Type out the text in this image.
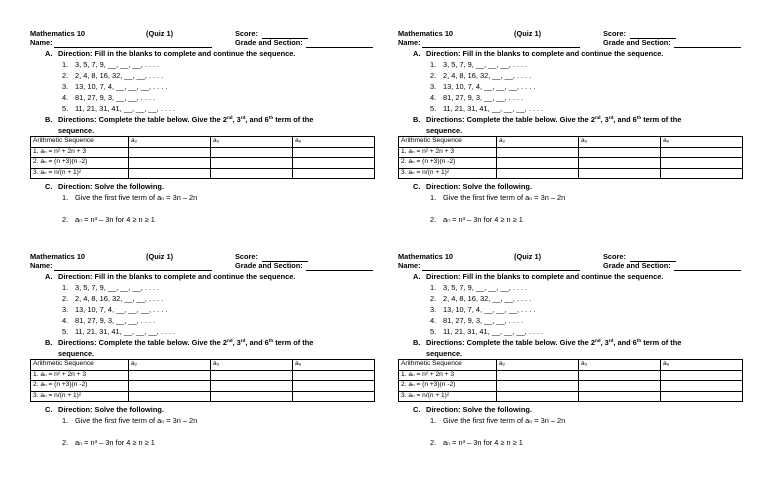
Mathematics 10	(Quiz 1)	Score:
Name:	Grade and Section:
A. Direction: Fill in the blanks to complete and continue the sequence.
1. 3, 5, 7, 9, __, __, __, . . . .
2. 2, 4, 8, 16, 32, __, __, . . . .
3. 13, 10, 7, 4, __, __, __, . . . .
4. 81, 27, 9, 3, __, __, . . . .
5. 11, 21, 31, 41, __, __, __, . . . .
B. Directions: Complete the table below. Give the 2nd, 3rd, and 6th term of the
sequence.
Arithmetic Sequence	a₂	a₃	a₆
1. aₙ = n² + 2n + 3			
2. aₙ = (n +3)(n -2)			
3. aₙ = n/(n + 1)²			
C. Direction: Solve the following.
1. Give the first five term of aₙ = 3n – 2n
2. aₙ = n³ – 3n for 4 ≥ n ≥ 1
Mathematics 10	(Quiz 1)	Score:
Name:	Grade and Section:
A. Direction: Fill in the blanks to complete and continue the sequence.
1. 3, 5, 7, 9, __, __, __, . . . .
2. 2, 4, 8, 16, 32, __, __, . . . .
3. 13, 10, 7, 4, __, __, __, . . . .
4. 81, 27, 9, 3, __, __, . . . .
5. 11, 21, 31, 41, __, __, __, . . . .
B. Directions: Complete the table below. Give the 2nd, 3rd, and 6th term of the
sequence.
Arithmetic Sequence	a₂	a₃	a₆
1. aₙ = n² + 2n + 3			
2. aₙ = (n +3)(n -2)			
3. aₙ = n/(n + 1)²			
C. Direction: Solve the following.
1. Give the first five term of aₙ = 3n – 2n
2. aₙ = n³ – 3n for 4 ≥ n ≥ 1
Mathematics 10	(Quiz 1)	Score:
Name:	Grade and Section:
A. Direction: Fill in the blanks to complete and continue the sequence.
1. 3, 5, 7, 9, __, __, __, . . . .
2. 2, 4, 8, 16, 32, __, __, . . . .
3. 13, 10, 7, 4, __, __, __, . . . .
4. 81, 27, 9, 3, __, __, . . . .
5. 11, 21, 31, 41, __, __, __, . . . .
B. Directions: Complete the table below. Give the 2nd, 3rd, and 6th term of the
sequence.
Arithmetic Sequence	a₂	a₃	a₆
1. aₙ = n² + 2n + 3			
2. aₙ = (n +3)(n -2)			
3. aₙ = n/(n + 1)²			
C. Direction: Solve the following.
1. Give the first five term of aₙ = 3n – 2n
2. aₙ = n³ – 3n for 4 ≥ n ≥ 1
Mathematics 10	(Quiz 1)	Score:
Name:	Grade and Section:
A. Direction: Fill in the blanks to complete and continue the sequence.
1. 3, 5, 7, 9, __, __, __, . . . .
2. 2, 4, 8, 16, 32, __, __, . . . .
3. 13, 10, 7, 4, __, __, __, . . . .
4. 81, 27, 9, 3, __, __, . . . .
5. 11, 21, 31, 41, __, __, __, . . . .
B. Directions: Complete the table below. Give the 2nd, 3rd, and 6th term of the
sequence.
Arithmetic Sequence	a₂	a₃	a₆
1. aₙ = n² + 2n + 3			
2. aₙ = (n +3)(n -2)			
3. aₙ = n/(n + 1)²			
C. Direction: Solve the following.
1. Give the first five term of aₙ = 3n – 2n
2. aₙ = n³ – 3n for 4 ≥ n ≥ 1
